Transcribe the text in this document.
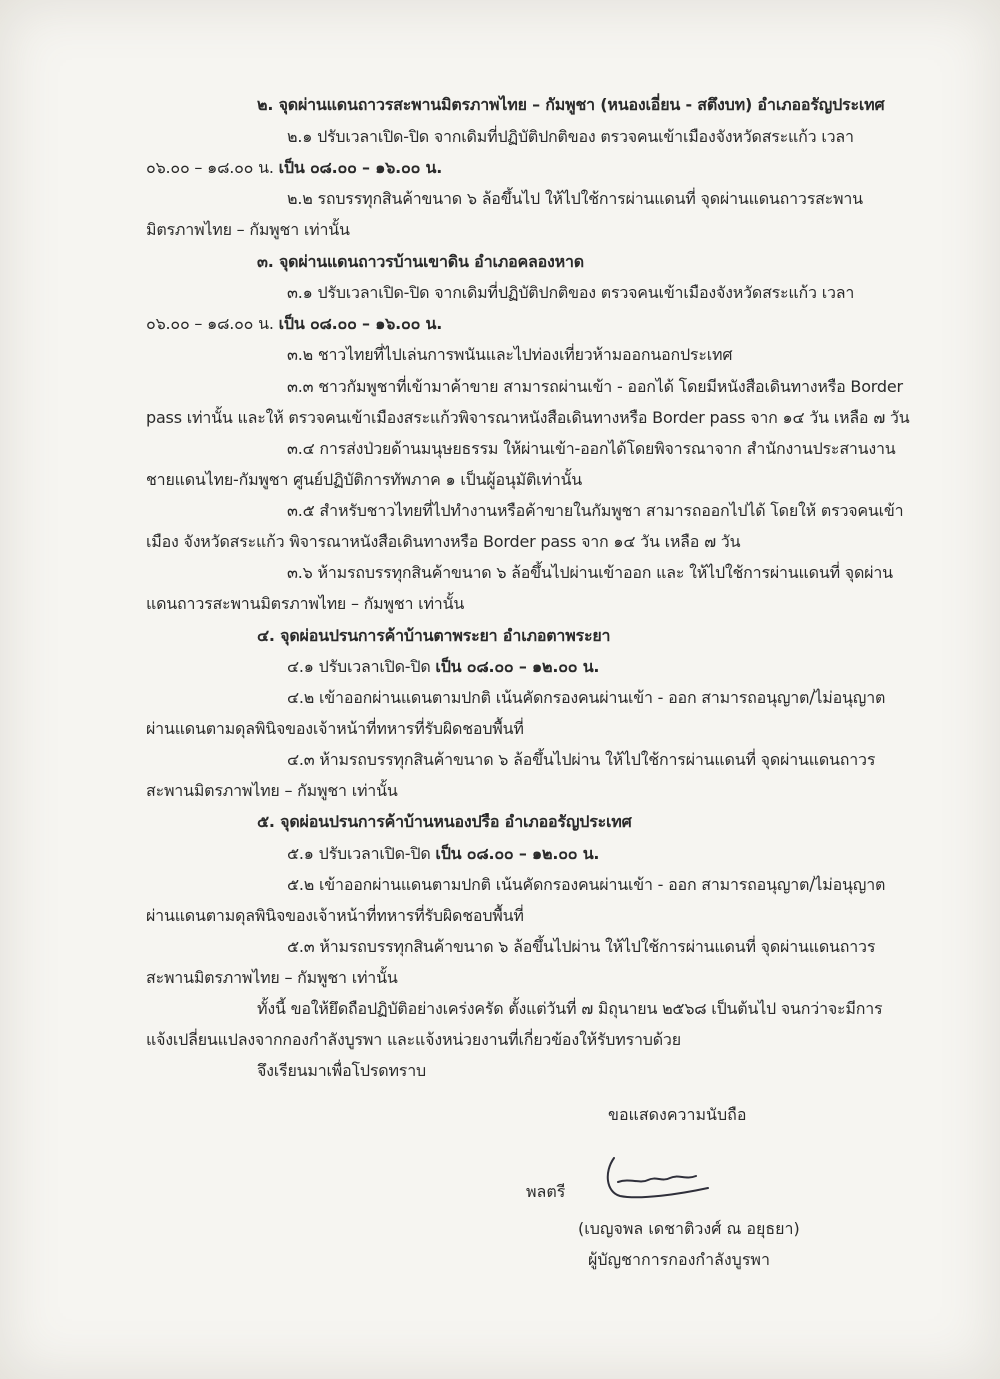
๒. จุดผ่านแดนถาวรสะพานมิตรภาพไทย – กัมพูชา (หนองเอี่ยน - สตึงบท) อำเภออรัญประเทศ
๒.๑ ปรับเวลาเปิด-ปิด จากเดิมที่ปฏิบัติปกติของ ตรวจคนเข้าเมืองจังหวัดสระแก้ว เวลา
๐๖.๐๐ – ๑๘.๐๐ น. เป็น ๐๘.๐๐ – ๑๖.๐๐ น.
๒.๒ รถบรรทุกสินค้าขนาด ๖ ล้อขึ้นไป ให้ไปใช้การผ่านแดนที่ จุดผ่านแดนถาวรสะพาน
มิตรภาพไทย – กัมพูชา เท่านั้น
๓. จุดผ่านแดนถาวรบ้านเขาดิน อำเภอคลองหาด
๓.๑ ปรับเวลาเปิด-ปิด จากเดิมที่ปฏิบัติปกติของ ตรวจคนเข้าเมืองจังหวัดสระแก้ว เวลา
๐๖.๐๐ – ๑๘.๐๐ น. เป็น ๐๘.๐๐ – ๑๖.๐๐ น.
๓.๒ ชาวไทยที่ไปเล่นการพนันและไปท่องเที่ยวห้ามออกนอกประเทศ
๓.๓ ชาวกัมพูชาที่เข้ามาค้าขาย สามารถผ่านเข้า - ออกได้ โดยมีหนังสือเดินทางหรือ Border
pass เท่านั้น และให้ ตรวจคนเข้าเมืองสระแก้วพิจารณาหนังสือเดินทางหรือ Border pass จาก ๑๔ วัน เหลือ ๗ วัน
๓.๔ การส่งป่วยด้านมนุษยธรรม ให้ผ่านเข้า-ออกได้โดยพิจารณาจาก สำนักงานประสานงาน
ชายแดนไทย-กัมพูชา ศูนย์ปฏิบัติการทัพภาค ๑ เป็นผู้อนุมัติเท่านั้น
๓.๕ สำหรับชาวไทยที่ไปทำงานหรือค้าขายในกัมพูชา สามารถออกไปได้ โดยให้ ตรวจคนเข้า
เมือง จังหวัดสระแก้ว พิจารณาหนังสือเดินทางหรือ Border pass จาก ๑๔ วัน เหลือ ๗ วัน
๓.๖ ห้ามรถบรรทุกสินค้าขนาด ๖ ล้อขึ้นไปผ่านเข้าออก และ ให้ไปใช้การผ่านแดนที่ จุดผ่าน
แดนถาวรสะพานมิตรภาพไทย – กัมพูชา เท่านั้น
๔. จุดผ่อนปรนการค้าบ้านตาพระยา อำเภอตาพระยา
๔.๑ ปรับเวลาเปิด-ปิด เป็น ๐๘.๐๐ – ๑๒.๐๐ น.
๔.๒ เข้าออกผ่านแดนตามปกติ เน้นคัดกรองคนผ่านเข้า - ออก สามารถอนุญาต/ไม่อนุญาต
ผ่านแดนตามดุลพินิจของเจ้าหน้าที่ทหารที่รับผิดชอบพื้นที่
๔.๓ ห้ามรถบรรทุกสินค้าขนาด ๖ ล้อขึ้นไปผ่าน ให้ไปใช้การผ่านแดนที่ จุดผ่านแดนถาวร
สะพานมิตรภาพไทย – กัมพูชา เท่านั้น
๕. จุดผ่อนปรนการค้าบ้านหนองปรือ อำเภออรัญประเทศ
๕.๑ ปรับเวลาเปิด-ปิด เป็น ๐๘.๐๐ – ๑๒.๐๐ น.
๕.๒ เข้าออกผ่านแดนตามปกติ เน้นคัดกรองคนผ่านเข้า - ออก สามารถอนุญาต/ไม่อนุญาต
ผ่านแดนตามดุลพินิจของเจ้าหน้าที่ทหารที่รับผิดชอบพื้นที่
๕.๓ ห้ามรถบรรทุกสินค้าขนาด ๖ ล้อขึ้นไปผ่าน ให้ไปใช้การผ่านแดนที่ จุดผ่านแดนถาวร
สะพานมิตรภาพไทย – กัมพูชา เท่านั้น
ทั้งนี้ ขอให้ยึดถือปฏิบัติอย่างเคร่งครัด ตั้งแต่วันที่ ๗ มิถุนายน ๒๕๖๘ เป็นต้นไป จนกว่าจะมีการ
แจ้งเปลี่ยนแปลงจากกองกำลังบูรพา และแจ้งหน่วยงานที่เกี่ยวข้องให้รับทราบด้วย
จึงเรียนมาเพื่อโปรดทราบ
ขอแสดงความนับถือ
พลตรี
(เบญจพล เดชาติวงศ์ ณ อยุธยา)
ผู้บัญชาการกองกำลังบูรพา
